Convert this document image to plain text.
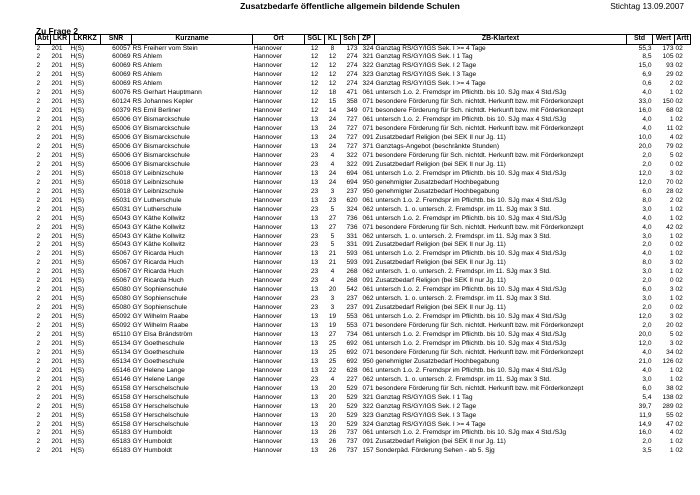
Zusatzbedarfe öffentliche allgemein bildende Schulen	Stichtag 13.09.2007
Zu Frage 2
Abt	LKR	LKRKZ	SNR	Kurzname	Ort	SGL	KL	Sch	ZP	ZB-Klartext	Std	Wert	Artt
2	201	H(S)	60057	RS Freiherr vom Stein	Hannover	12	8	173	324	Ganztag RS/GY/IGS Sek. I >= 4 Tage	55,3	173	02
2	201	H(S)	60069	RS Ahlem	Hannover	12	12	274	321	Ganztag RS/GY/IGS Sek. I 1 Tag	8,5	105	02
2	201	H(S)	60069	RS Ahlem	Hannover	12	12	274	322	Ganztag RS/GY/IGS Sek. I 2 Tage	15,0	93	02
2	201	H(S)	60069	RS Ahlem	Hannover	12	12	274	323	Ganztag RS/GY/IGS Sek. I 3 Tage	6,9	29	02
2	201	H(S)	60069	RS Ahlem	Hannover	12	12	274	324	Ganztag RS/GY/IGS Sek. I >= 4 Tage	0,6	2	02
2	201	H(S)	60076	RS Gerhart Hauptmann	Hannover	12	18	471	061	untersch 1.o. 2. Fremdspr im Pflichtb. bis 10. SJg max 4 Std./SJg	4,0	1	02
2	201	H(S)	60124	RS Johannes Kepler	Hannover	12	15	358	071	besondere Förderung für Sch. nichtdt. Herkunft bzw. mit Förderkonzept	33,0	150	02
2	201	H(S)	60379	RS Emil Berliner	Hannover	12	14	349	071	besondere Förderung für Sch. nichtdt. Herkunft bzw. mit Förderkonzept	16,0	68	02
2	201	H(S)	65006	GY Bismarckschule	Hannover	13	24	727	061	untersch 1.o. 2. Fremdspr im Pflichtb. bis 10. SJg max 4 Std./SJg	4,0	1	02
2	201	H(S)	65006	GY Bismarckschule	Hannover	13	24	727	071	besondere Förderung für Sch. nichtdt. Herkunft bzw. mit Förderkonzept	4,0	11	02
2	201	H(S)	65006	GY Bismarckschule	Hannover	13	24	727	091	Zusatzbedarf Religion (bei SEK II nur Jg. 11)	10,0	4	02
2	201	H(S)	65006	GY Bismarckschule	Hannover	13	24	727	371	Ganztags-Angebot (beschränkte Stunden)	20,0	79	02
2	201	H(S)	65006	GY Bismarckschule	Hannover	23	4	322	071	besondere Förderung für Sch. nichtdt. Herkunft bzw. mit Förderkonzept	2,0	5	02
2	201	H(S)	65006	GY Bismarckschule	Hannover	23	4	322	091	Zusatzbedarf Religion (bei SEK II nur Jg. 11)	2,0	0	02
2	201	H(S)	65018	GY Leibnizschule	Hannover	13	24	694	061	untersch 1.o. 2. Fremdspr im Pflichtb. bis 10. SJg max 4 Std./SJg	12,0	3	02
2	201	H(S)	65018	GY Leibnizschule	Hannover	13	24	694	950	genehmigter Zusatzbedarf Hochbegabung	12,0	70	02
2	201	H(S)	65018	GY Leibnizschule	Hannover	23	3	237	950	genehmigter Zusatzbedarf Hochbegabung	6,0	28	02
2	201	H(S)	65031	GY Lutherschule	Hannover	13	23	620	061	untersch 1.o. 2. Fremdspr im Pflichtb. bis 10. SJg max 4 Std./SJg	8,0	2	02
2	201	H(S)	65031	GY Lutherschule	Hannover	23	5	324	062	untersch. 1. o. untersch. 2. Fremdspr. im 11. SJg max 3 Std.	3,0	1	02
2	201	H(S)	65043	GY Käthe Kollwitz	Hannover	13	27	736	061	untersch 1.o. 2. Fremdspr im Pflichtb. bis 10. SJg max 4 Std./SJg	4,0	1	02
2	201	H(S)	65043	GY Käthe Kollwitz	Hannover	13	27	736	071	besondere Förderung für Sch. nichtdt. Herkunft bzw. mit Förderkonzept	4,0	42	02
2	201	H(S)	65043	GY Käthe Kollwitz	Hannover	23	5	331	062	untersch. 1. o. untersch. 2. Fremdspr. im 11. SJg max 3 Std.	3,0	1	02
2	201	H(S)	65043	GY Käthe Kollwitz	Hannover	23	5	331	091	Zusatzbedarf Religion (bei SEK II nur Jg. 11)	2,0	0	02
2	201	H(S)	65067	GY Ricarda Huch	Hannover	13	21	593	061	untersch 1.o. 2. Fremdspr im Pflichtb. bis 10. SJg max 4 Std./SJg	4,0	1	02
2	201	H(S)	65067	GY Ricarda Huch	Hannover	13	21	593	091	Zusatzbedarf Religion (bei SEK II nur Jg. 11)	8,0	3	02
2	201	H(S)	65067	GY Ricarda Huch	Hannover	23	4	268	062	untersch. 1. o. untersch. 2. Fremdspr. im 11. SJg max 3 Std.	3,0	1	02
2	201	H(S)	65067	GY Ricarda Huch	Hannover	23	4	268	091	Zusatzbedarf Religion (bei SEK II nur Jg. 11)	2,0	0	02
2	201	H(S)	65080	GY Sophienschule	Hannover	13	20	542	061	untersch 1.o. 2. Fremdspr im Pflichtb. bis 10. SJg max 4 Std./SJg	6,0	3	02
2	201	H(S)	65080	GY Sophienschule	Hannover	23	3	237	062	untersch. 1. o. untersch. 2. Fremdspr. im 11. SJg max 3 Std.	3,0	1	02
2	201	H(S)	65080	GY Sophienschule	Hannover	23	3	237	091	Zusatzbedarf Religion (bei SEK II nur Jg. 11)	2,0	0	02
2	201	H(S)	65092	GY Wilhelm Raabe	Hannover	13	19	553	061	untersch 1.o. 2. Fremdspr im Pflichtb. bis 10. SJg max 4 Std./SJg	12,0	3	02
2	201	H(S)	65092	GY Wilhelm Raabe	Hannover	13	19	553	071	besondere Förderung für Sch. nichtdt. Herkunft bzw. mit Förderkonzept	2,0	20	02
2	201	H(S)	65110	GY Elsa Brändström	Hannover	13	27	734	061	untersch 1.o. 2. Fremdspr im Pflichtb. bis 10. SJg max 4 Std./SJg	20,0	5	02
2	201	H(S)	65134	GY Goetheschule	Hannover	13	25	692	061	untersch 1.o. 2. Fremdspr im Pflichtb. bis 10. SJg max 4 Std./SJg	12,0	3	02
2	201	H(S)	65134	GY Goetheschule	Hannover	13	25	692	071	besondere Förderung für Sch. nichtdt. Herkunft bzw. mit Förderkonzept	4,0	34	02
2	201	H(S)	65134	GY Goetheschule	Hannover	13	25	692	950	genehmigter Zusatzbedarf Hochbegabung	21,0	126	02
2	201	H(S)	65146	GY Helene Lange	Hannover	13	22	628	061	untersch 1.o. 2. Fremdspr im Pflichtb. bis 10. SJg max 4 Std./SJg	4,0	1	02
2	201	H(S)	65146	GY Helene Lange	Hannover	23	4	227	062	untersch. 1. o. untersch. 2. Fremdspr. im 11. SJg max 3 Std.	3,0	1	02
2	201	H(S)	65158	GY Herschelschule	Hannover	13	20	529	071	besondere Förderung für Sch. nichtdt. Herkunft bzw. mit Förderkonzept	6,0	38	02
2	201	H(S)	65158	GY Herschelschule	Hannover	13	20	529	321	Ganztag RS/GY/IGS Sek. I 1 Tag	5,4	138	02
2	201	H(S)	65158	GY Herschelschule	Hannover	13	20	529	322	Ganztag RS/GY/IGS Sek. I 2 Tage	39,7	289	02
2	201	H(S)	65158	GY Herschelschule	Hannover	13	20	529	323	Ganztag RS/GY/IGS Sek. I 3 Tage	11,9	55	02
2	201	H(S)	65158	GY Herschelschule	Hannover	13	20	529	324	Ganztag RS/GY/IGS Sek. I >= 4 Tage	14,9	47	02
2	201	H(S)	65183	GY Humboldt	Hannover	13	26	737	061	untersch 1.o. 2. Fremdspr im Pflichtb. bis 10. SJg max 4 Std./SJg	16,0	4	02
2	201	H(S)	65183	GY Humboldt	Hannover	13	26	737	091	Zusatzbedarf Religion (bei SEK II nur Jg. 11)	2,0	1	02
2	201	H(S)	65183	GY Humboldt	Hannover	13	26	737	157	Sonderpäd. Förderung Sehen - ab 5. Sjg	3,5	1	02
